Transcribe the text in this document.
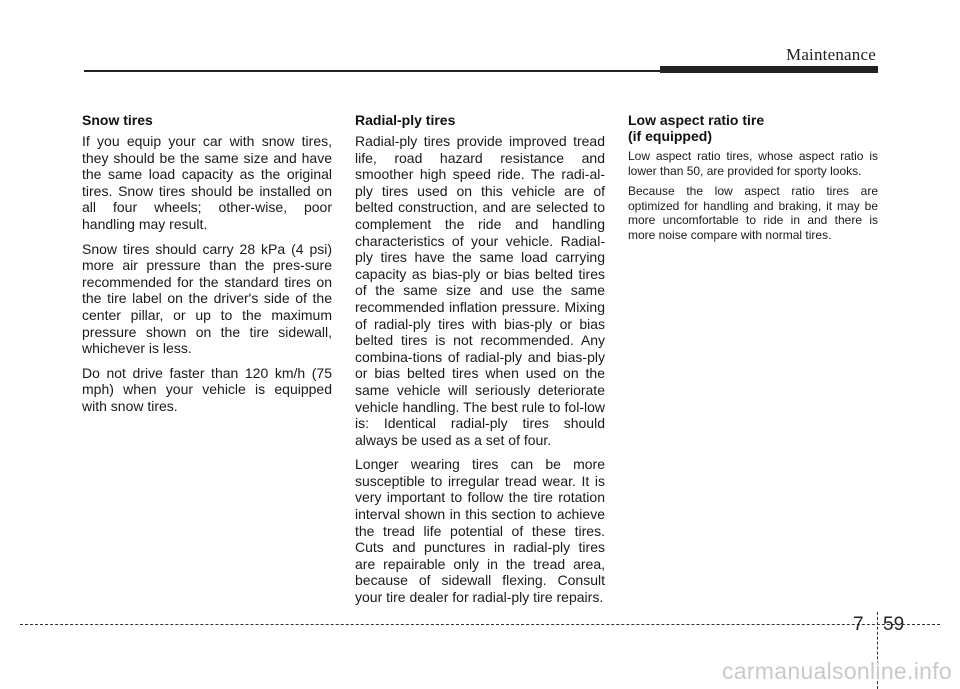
Maintenance
Snow tires

If you equip your car with snow tires, they should be the same size and have the same load capacity as the original tires. Snow tires should be installed on all four wheels; other-wise, poor handling may result.

Snow tires should carry 28 kPa (4 psi) more air pressure than the pres-sure recommended for the standard tires on the tire label on the driver's side of the center pillar, or up to the maximum pressure shown on the tire sidewall, whichever is less.

Do not drive faster than 120 km/h (75 mph) when your vehicle is equipped with snow tires.

Radial-ply tires

Radial-ply tires provide improved tread life, road hazard resistance and smoother high speed ride. The radi-al-ply tires used on this vehicle are of belted construction, and are selected to complement the ride and handling characteristics of your vehicle. Radial-ply tires have the same load carrying capacity as bias-ply or bias belted tires of the same size and use the same recommended inflation pressure. Mixing of radial-ply tires with bias-ply or bias belted tires is not recommended. Any combina-tions of radial-ply and bias-ply or bias belted tires when used on the same vehicle will seriously deteriorate vehicle handling. The best rule to fol-low is: Identical radial-ply tires should always be used as a set of four.

Longer wearing tires can be more susceptible to irregular tread wear. It is very important to follow the tire rotation interval shown in this section to achieve the tread life potential of these tires. Cuts and punctures in radial-ply tires are repairable only in the tread area, because of sidewall flexing. Consult your tire dealer for radial-ply tire repairs.

Low aspect ratio tire
(if equipped)

Low aspect ratio tires, whose aspect ratio is lower than 50, are provided for sporty looks.

Because the low aspect ratio tires are optimized for handling and braking, it may be more uncomfortable to ride in and there is more noise compare with normal tires.

7 59
carmanualsonline.info
